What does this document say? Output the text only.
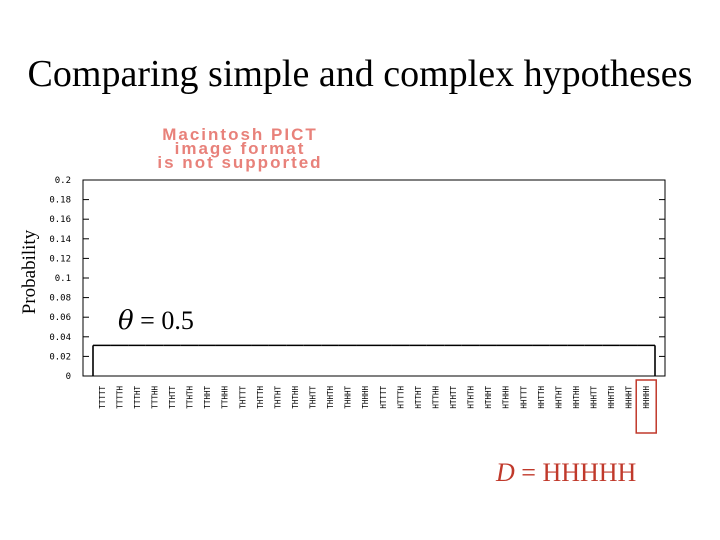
Comparing simple and complex hypotheses
Macintosh PICT
image format
is not supported
Probability
0
0.02
0.04
0.06
0.08
0.1
0.12
0.14
0.16
0.18
0.2
TTTTT TTTTH TTTHT TTTHH TTHTT TTHTH TTHHT TTHHH THTTT THTTH THTHT THTHH THHTT THHTH THHHT THHHH HTTTT HTTTH HTTHT HTTHH HTHTT HTHTH HTHHT HTHHH HHTTT HHTTH HHTHT HHTHH HHHTT HHHTH HHHHT HHHHH
θ = 0.5
D = HHHHH
